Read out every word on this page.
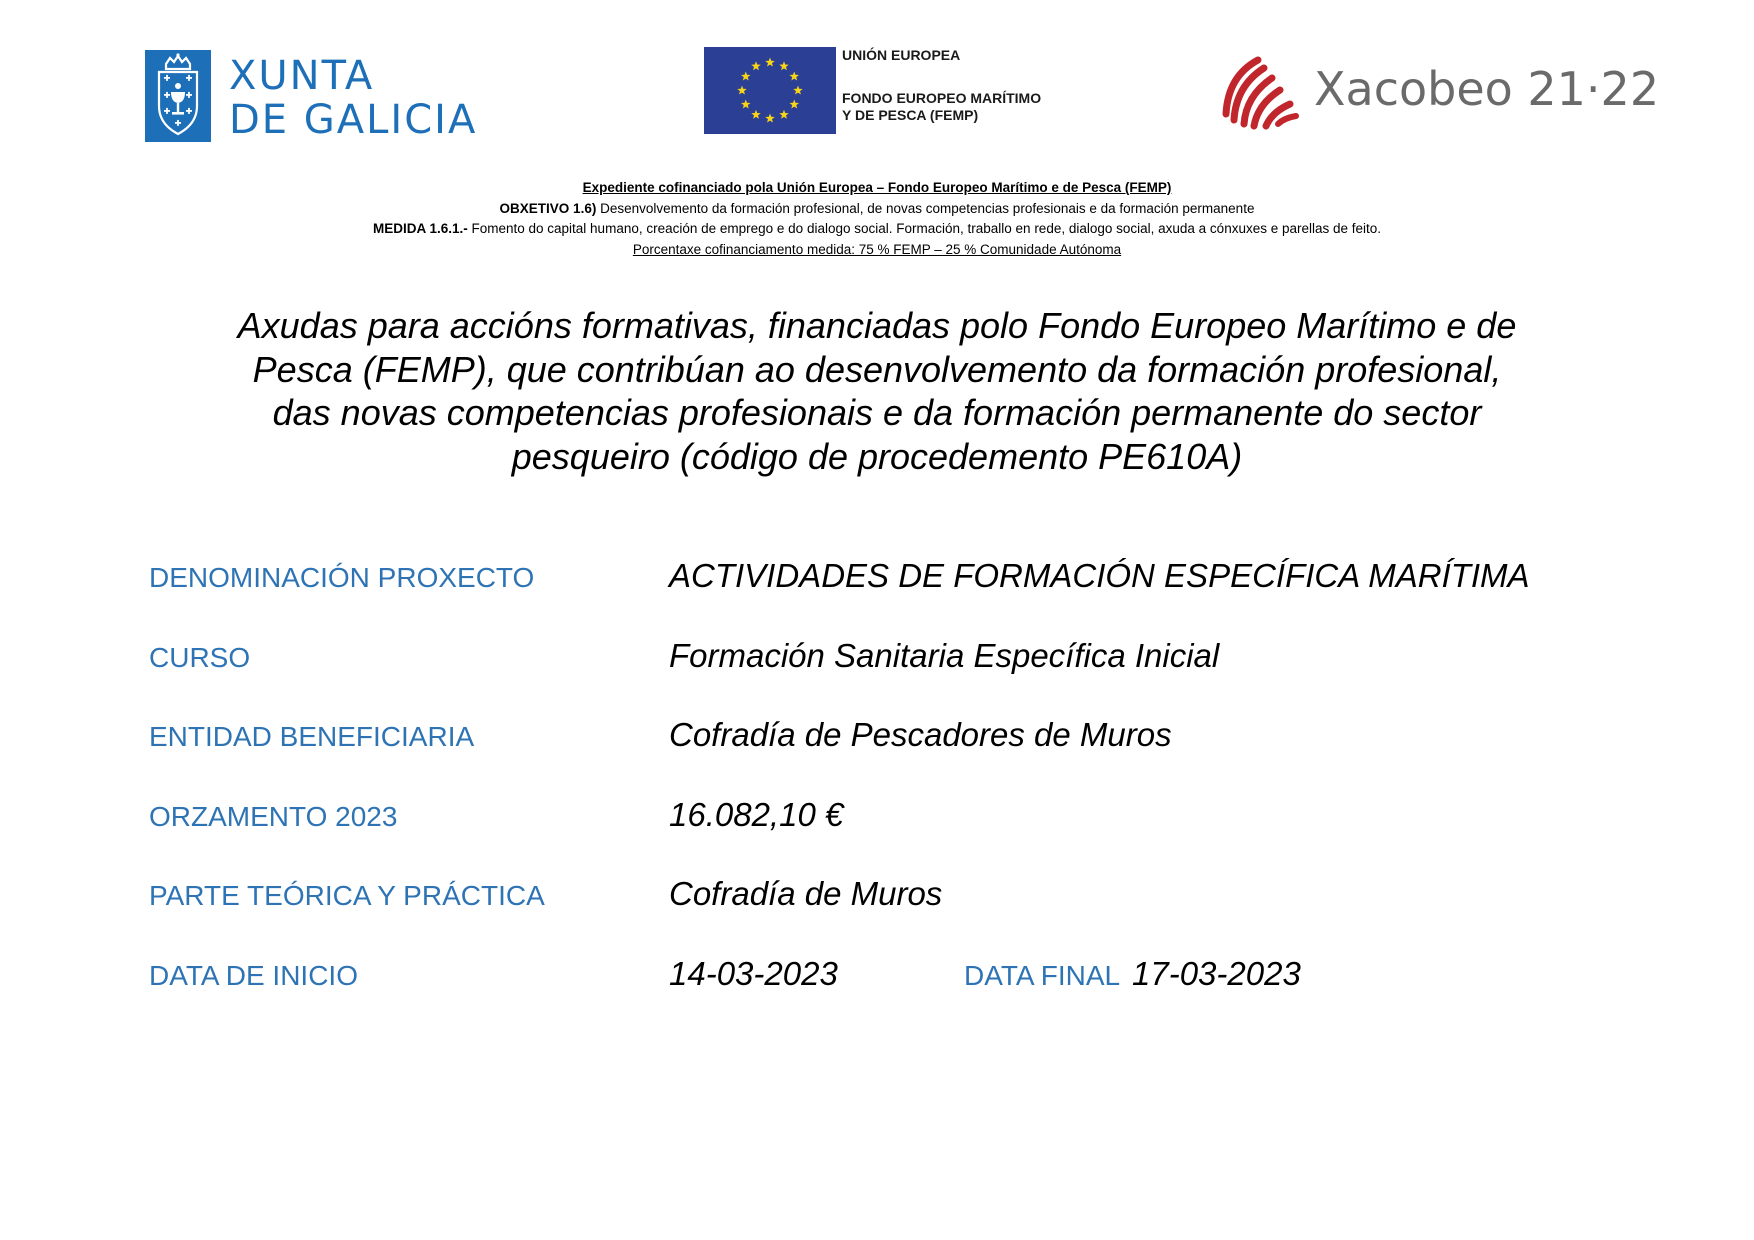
XUNTA
DE GALICIA
UNIÓN EUROPEA
FONDO EUROPEO MARÍTIMO
Y DE PESCA (FEMP)	Xacobeo 21·22
Expediente cofinanciado pola Unión Europea – Fondo Europeo Marítimo e de Pesca (FEMP)
OBXETIVO 1.6) Desenvolvemento da formación profesional, de novas competencias profesionais e da formación permanente
MEDIDA 1.6.1.- Fomento do capital humano, creación de emprego e do dialogo social. Formación, traballo en rede, dialogo social, axuda a cónxuxes e parellas de feito.
Porcentaxe cofinanciamento medida: 75 % FEMP – 25 % Comunidade Autónoma
Axudas para accións formativas, financiadas polo Fondo Europeo Marítimo e de
Pesca (FEMP), que contribúan ao desenvolvemento da formación profesional,
das novas competencias profesionais e da formación permanente do sector
pesqueiro (código de procedemento PE610A)
DENOMINACIÓN PROXECTO	ACTIVIDADES DE FORMACIÓN ESPECÍFICA MARÍTIMA
CURSO	Formación Sanitaria Específica Inicial
ENTIDAD BENEFICIARIA	Cofradía de Pescadores de Muros
ORZAMENTO 2023	16.082,10 €
PARTE TEÓRICA Y PRÁCTICA	Cofradía de Muros
DATA DE INICIO	14-03-2023	DATA FINAL 17-03-2023
